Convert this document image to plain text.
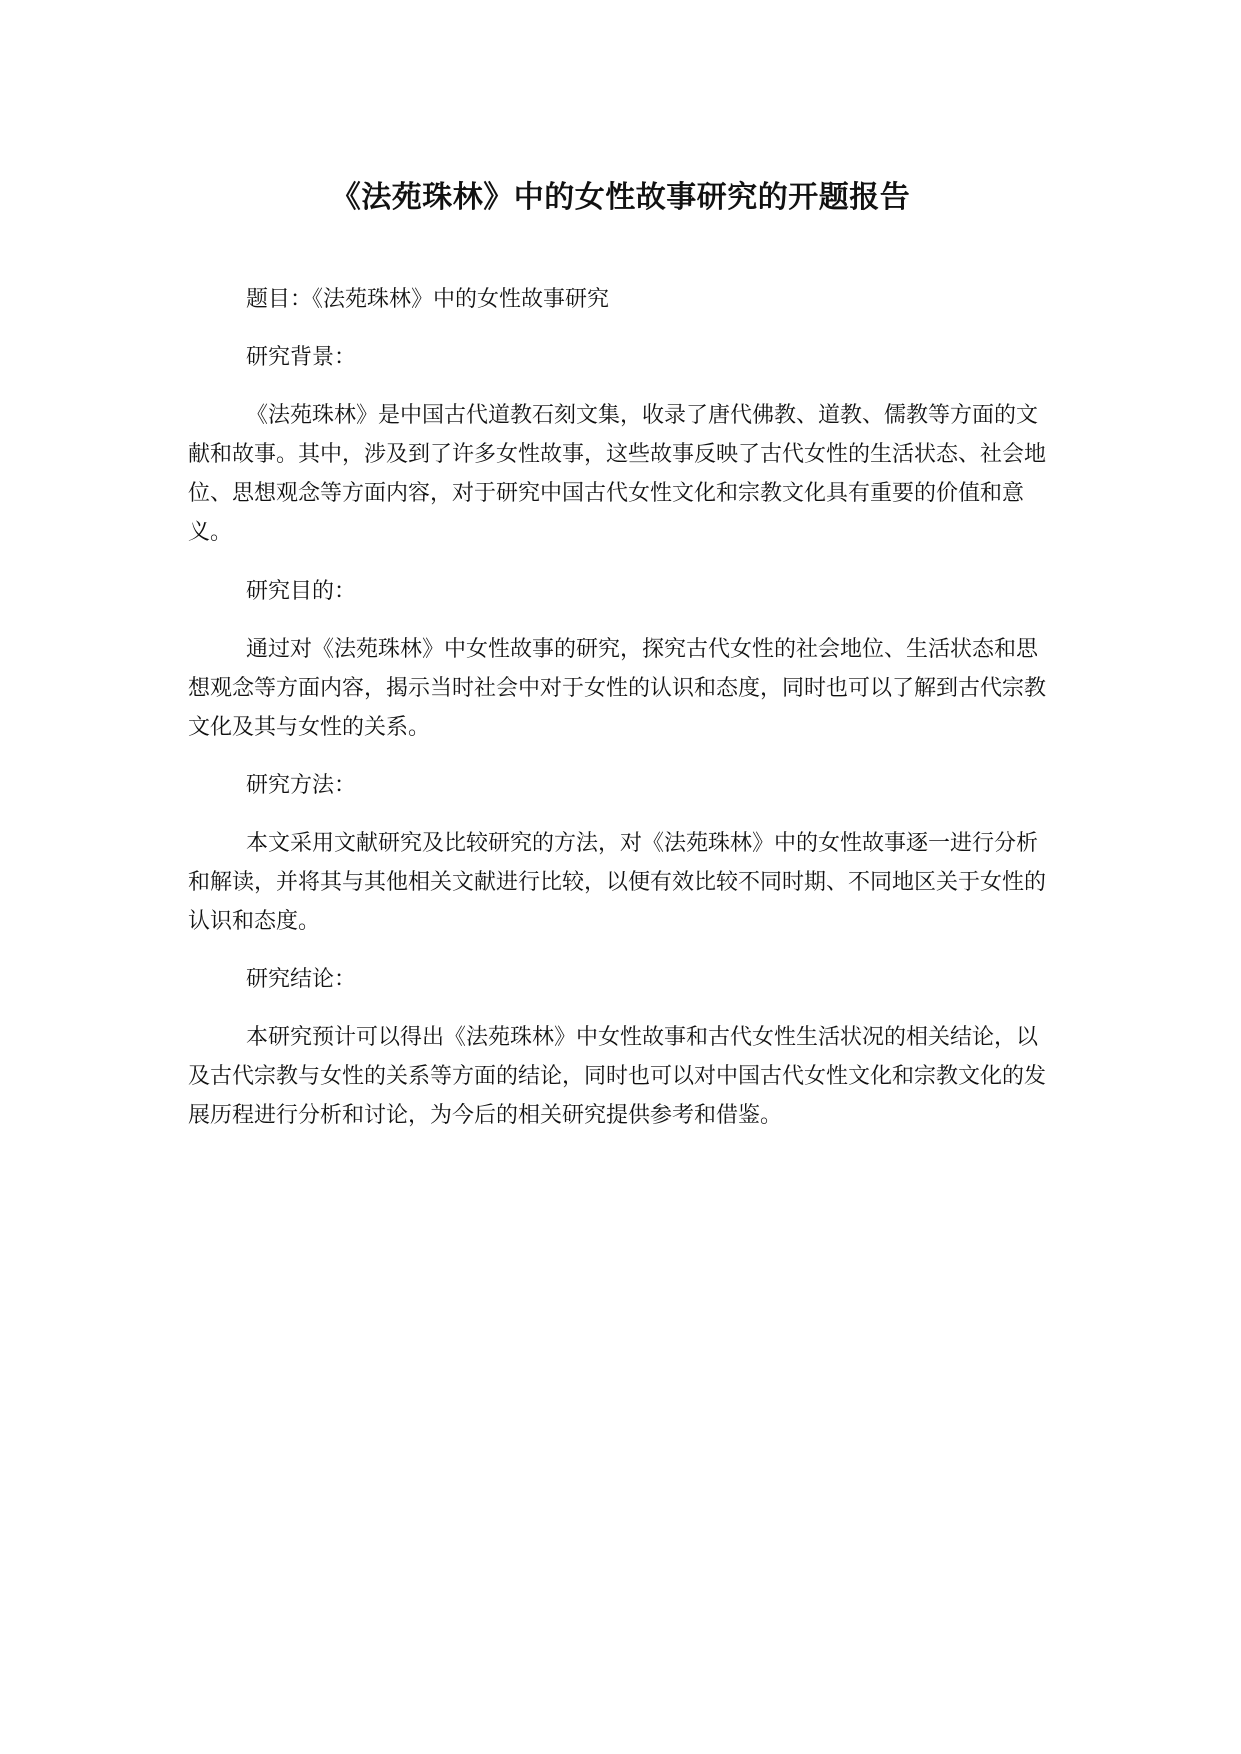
《法苑珠林》中的女性故事研究的开题报告

题目：《法苑珠林》中的女性故事研究

研究背景：

《法苑珠林》是中国古代道教石刻文集，收录了唐代佛教、道教、儒教等方面的文献和故事。其中，涉及到了许多女性故事，这些故事反映了古代女性的生活状态、社会地位、思想观念等方面内容，对于研究中国古代女性文化和宗教文化具有重要的价值和意义。

研究目的：

通过对《法苑珠林》中女性故事的研究，探究古代女性的社会地位、生活状态和思想观念等方面内容，揭示当时社会中对于女性的认识和态度，同时也可以了解到古代宗教文化及其与女性的关系。

研究方法：

本文采用文献研究及比较研究的方法，对《法苑珠林》中的女性故事逐一进行分析和解读，并将其与其他相关文献进行比较，以便有效比较不同时期、不同地区关于女性的认识和态度。

研究结论：

本研究预计可以得出《法苑珠林》中女性故事和古代女性生活状况的相关结论，以及古代宗教与女性的关系等方面的结论，同时也可以对中国古代女性文化和宗教文化的发展历程进行分析和讨论，为今后的相关研究提供参考和借鉴。
